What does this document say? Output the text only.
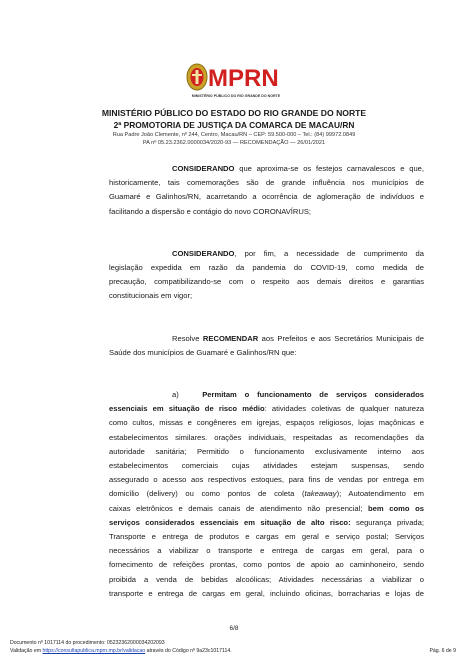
MPRN
MINISTÉRIO PÚBLICO DO RIO GRANDE DO NORTE
MINISTÉRIO PÚBLICO DO ESTADO DO RIO GRANDE DO NORTE
2ª PROMOTORIA DE JUSTIÇA DA COMARCA DE MACAU/RN
Rua Padre João Clemente, nº 244, Centro, Macau/RN – CEP: 59.500-000 – Tel.: (84) 99972.0849
PA nº 05.23.2362.0000034/2020-93 — RECOMENDAÇÃO — 26/01/2021

CONSIDERANDO que aproxima-se os festejos carnavalescos e que,

historicamente, tais comemorações são de grande influência nos municípios de

Guamaré e Galinhos/RN, acarretando a ocorrência de aglomeração de indivíduos e

facilitando a dispersão e contágio do novo CORONAVÍRUS;

CONSIDERANDO, por fim, a necessidade de cumprimento da

legislação expedida em razão da pandemia do COVID-19, como medida de

precaução, compatibilizando-se com o respeito aos demais direitos e garantias

constitucionais em vigor;

Resolve RECOMENDAR aos Prefeitos e aos Secretários Municipais de

Saúde dos municípios de Guamaré e Galinhos/RN que:

a)	Permitam o funcionamento de serviços considerados

essenciais em situação de risco médio: atividades coletivas de qualquer natureza

como cultos, missas e congêneres em igrejas, espaços religiosos, lojas maçônicas e

estabelecimentos similares. orações individuais, respeitadas as recomendações da

autoridade sanitária; Permitido o funcionamento exclusivamente interno aos

estabelecimentos comerciais cujas atividades estejam suspensas, sendo

assegurado o acesso aos respectivos estoques, para fins de vendas por entrega em

domicílio (delivery) ou como pontos de coleta (takeaway); Autoatendimento em

caixas eletrônicos e demais canais de atendimento não presencial; bem como os

serviços considerados essenciais em situação de alto risco: segurança privada;

Transporte e entrega de produtos e cargas em geral e serviço postal; Serviços

necessários a viabilizar o transporte e entrega de cargas em geral, para o

fornecimento de refeições prontas, como pontos de apoio ao caminhoneiro, sendo

proibida a venda de bebidas alcoólicas; Atividades necessárias a viabilizar o

transporte e entrega de cargas em geral, incluindo oficinas, borracharias e lojas de

6/8
Documento nº 1017114 do procedimento: 05232362000034202093
Validação em https://consultapublica.mprn.mp.br/validacao através do Código nº 9a23c1017114.	Pág. 6 de 9
